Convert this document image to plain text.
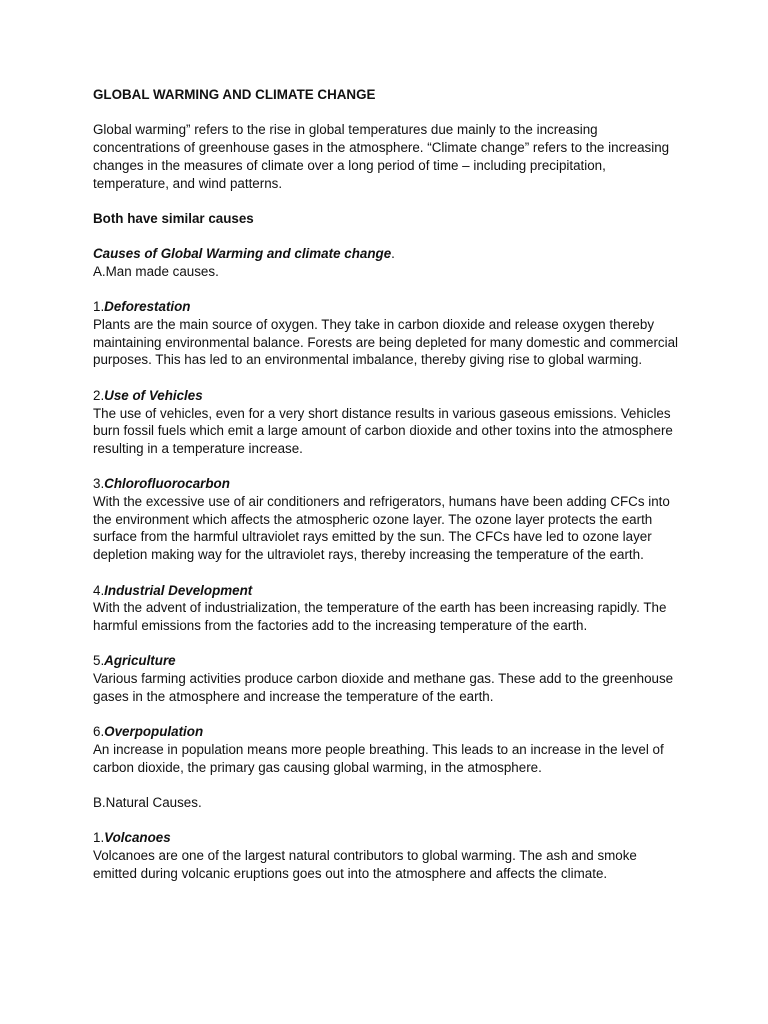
GLOBAL WARMING AND CLIMATE CHANGE
Global warming” refers to the rise in global temperatures due mainly to the increasing concentrations of greenhouse gases in the atmosphere. “Climate change” refers to the increasing changes in the measures of climate over a long period of time – including precipitation, temperature, and wind patterns.
Both have similar causes
Causes of Global Warming and climate change.
A.Man made causes.
1.Deforestation
Plants are the main source of oxygen. They take in carbon dioxide and release oxygen thereby maintaining environmental balance. Forests are being depleted for many domestic and commercial purposes. This has led to an environmental imbalance, thereby giving rise to global warming.
2.Use of Vehicles
The use of vehicles, even for a very short distance results in various gaseous emissions. Vehicles burn fossil fuels which emit a large amount of carbon dioxide and other toxins into the atmosphere resulting in a temperature increase.
3.Chlorofluorocarbon
With the excessive use of air conditioners and refrigerators, humans have been adding CFCs into the environment which affects the atmospheric ozone layer. The ozone layer protects the earth surface from the harmful ultraviolet rays emitted by the sun. The CFCs have led to ozone layer depletion making way for the ultraviolet rays, thereby increasing the temperature of the earth.
4.Industrial Development
With the advent of industrialization, the temperature of the earth has been increasing rapidly. The harmful emissions from the factories add to the increasing temperature of the earth.
5.Agriculture
Various farming activities produce carbon dioxide and methane gas. These add to the greenhouse gases in the atmosphere and increase the temperature of the earth.
6.Overpopulation
An increase in population means more people breathing. This leads to an increase in the level of carbon dioxide, the primary gas causing global warming, in the atmosphere.
B.Natural Causes.
1.Volcanoes
Volcanoes are one of the largest natural contributors to global warming. The ash and smoke emitted during volcanic eruptions goes out into the atmosphere and affects the climate.
